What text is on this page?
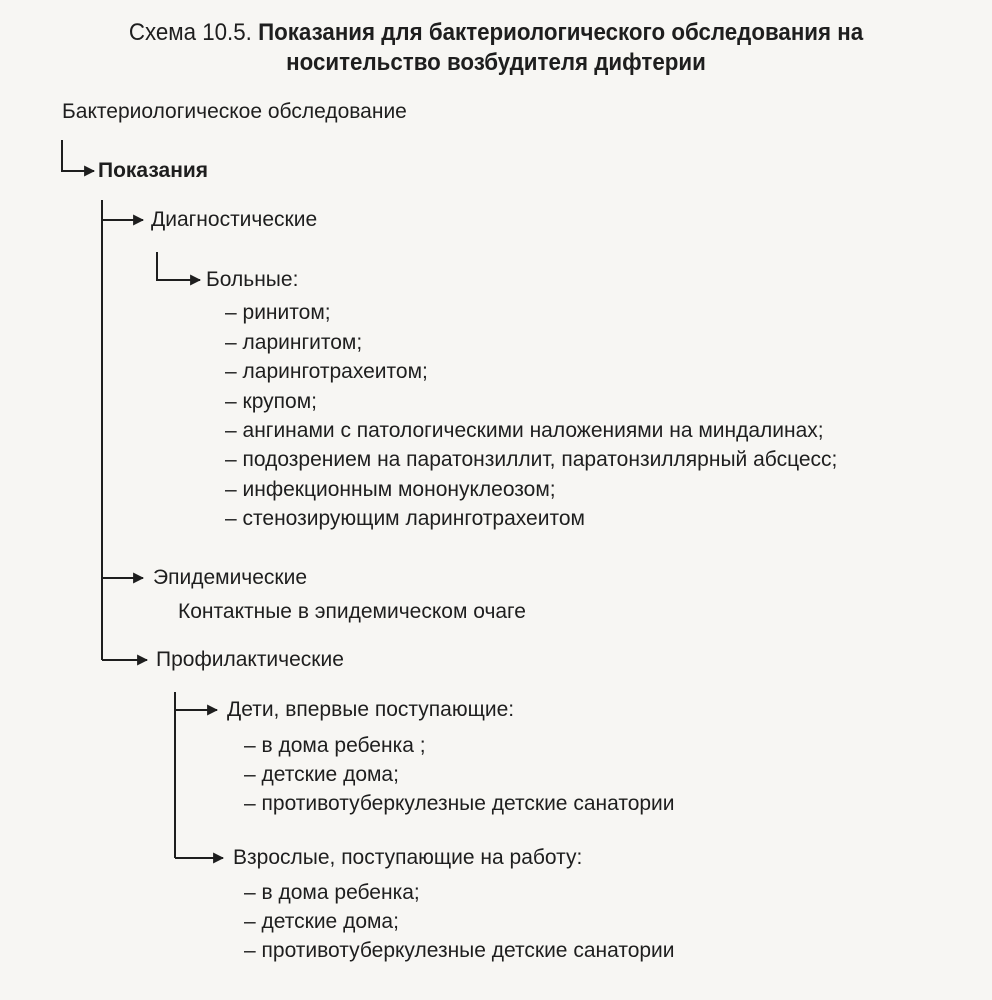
Схема 10.5. Показания для бактериологического обследования на
носительство возбудителя дифтерии
Бактериологическое обследование
Показания
Диагностические
Больные:
– ринитом;
– ларингитом;
– ларинготрахеитом;
– крупом;
– ангинами с патологическими наложениями на миндалинах;
– подозрением на паратонзиллит, паратонзиллярный абсцесс;
– инфекционным мононуклеозом;
– стенозирующим ларинготрахеитом
Эпидемические
Контактные в эпидемическом очаге
Профилактические
Дети, впервые поступающие:
– в дома ребенка ;
– детские дома;
– противотуберкулезные детские санатории
Взрослые, поступающие на работу:
– в дома ребенка;
– детские дома;
– противотуберкулезные детские санатории
